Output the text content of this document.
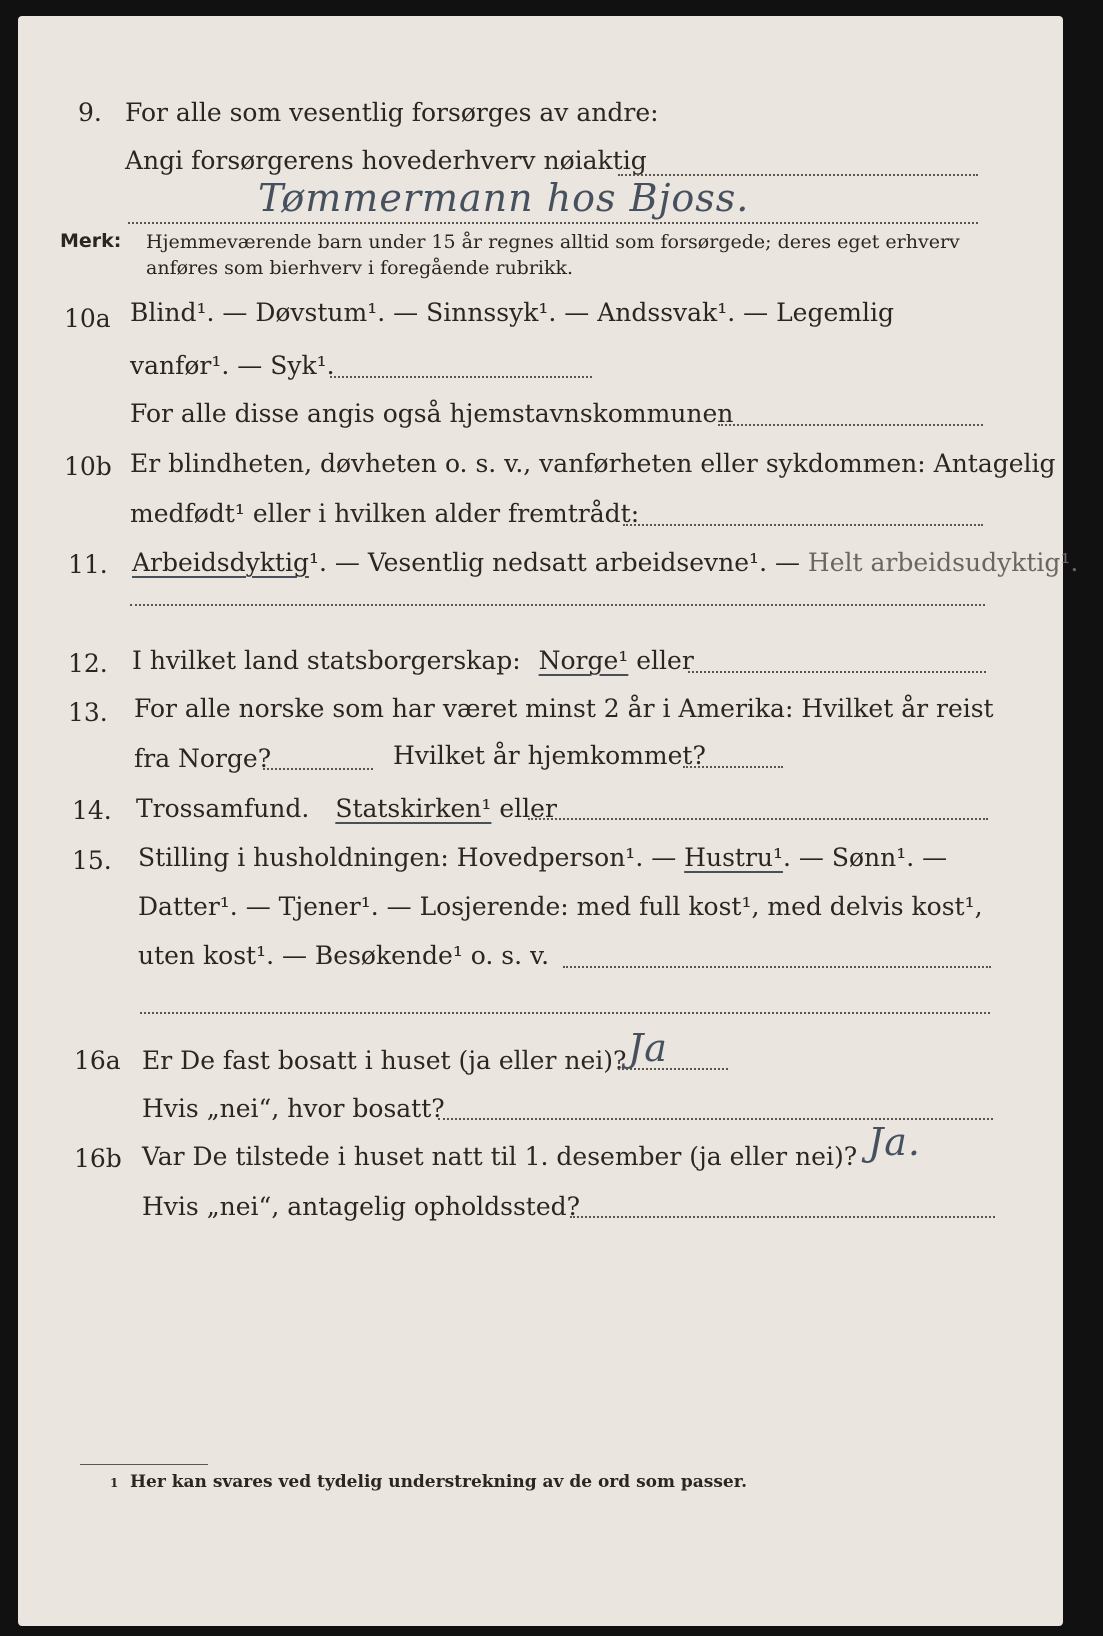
9. For alle som vesentlig forsørges av andre:
Angi forsørgerens hovederhverv nøiaktig
Tømmermann hos Bjoss.
Merk: Hjemmeværende barn under 15 år regnes alltid som forsørgede; deres eget erhverv
anføres som bierhverv i foregående rubrikk.
10a Blind¹. — Døvstum¹. — Sinnssyk¹. — Andssvak¹. — Legemlig
vanfør¹. — Syk¹.
For alle disse angis også hjemstavnskommunen
10b Er blindheten, døvheten o. s. v., vanførheten eller sykdommen: Antagelig
medfødt¹ eller i hvilken alder fremtrådt:
11. Arbeidsdyktig¹. — Vesentlig nedsatt arbeidsevne¹. — Helt arbeidsudyktig¹.
12. I hvilket land statsborgerskap: Norge¹ eller
13. For alle norske som har været minst 2 år i Amerika: Hvilket år reist
fra Norge?	Hvilket år hjemkommet?
14. Trossamfund. Statskirken¹ eller
15. Stilling i husholdningen: Hovedperson¹. — Hustru¹. — Sønn¹. —
Datter¹. — Tjener¹. — Losjerende: med full kost¹, med delvis kost¹,
uten kost¹. — Besøkende¹ o. s. v.
16a Er De fast bosatt i huset (ja eller nei)? Ja
Hvis „nei“, hvor bosatt?
16b Var De tilstede i huset natt til 1. desember (ja eller nei)? Ja.
Hvis „nei“, antagelig opholdssted?
1 Her kan svares ved tydelig understrekning av de ord som passer.
